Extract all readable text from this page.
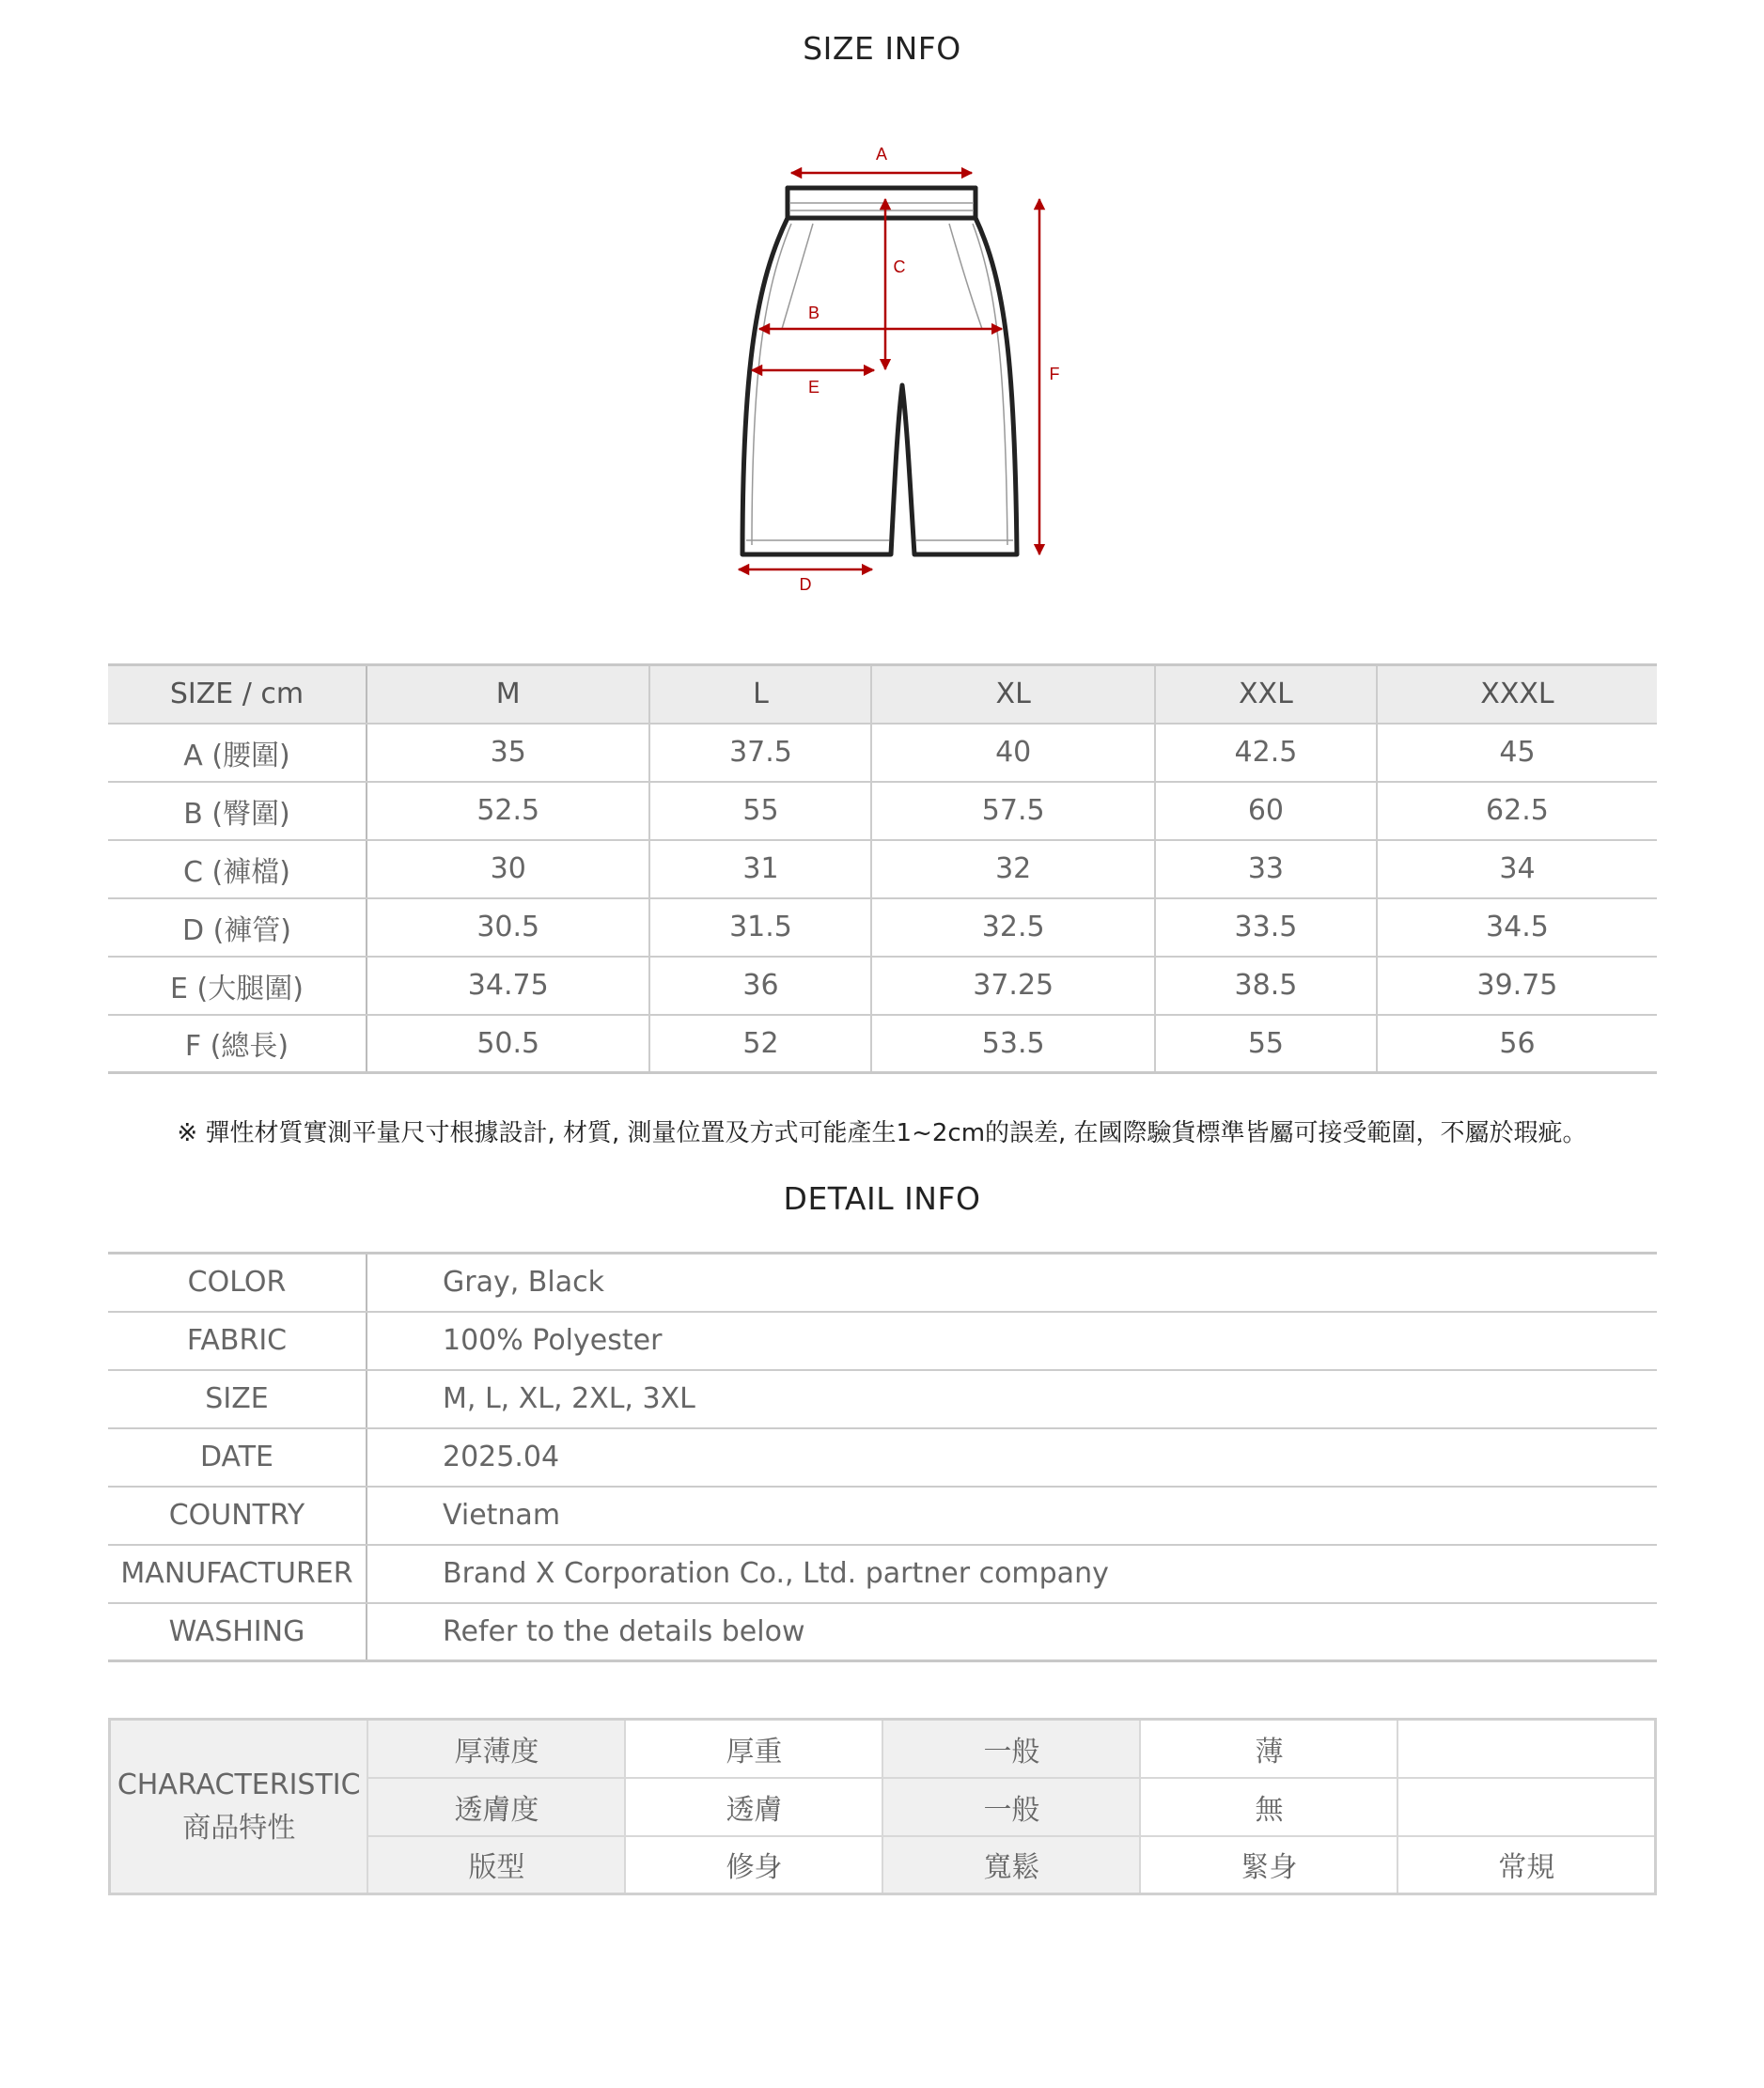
SIZE INFO
A
B
C
D
E
F
SIZE / cm	M	L	XL	XXL	XXXL
A (腰圍)	35	37.5	40	42.5	45
B (臀圍)	52.5	55	57.5	60	62.5
C (褲檔)	30	31	32	33	34
D (褲管)	30.5	31.5	32.5	33.5	34.5
E (大腿圍)	34.75	36	37.25	38.5	39.75
F (總長)	50.5	52	53.5	55	56
※ 彈性材質實測平量尺寸根據設計, 材質, 測量位置及方式可能產生1~2cm的誤差, 在國際驗貨標準皆屬可接受範圍，不屬於瑕疵。
DETAIL INFO
COLOR	Gray, Black
FABRIC	100% Polyester
SIZE	M, L, XL, 2XL, 3XL
DATE	2025.04
COUNTRY	Vietnam
MANUFACTURER	Brand X Corporation Co., Ltd. partner company
WASHING	Refer to the details below
CHARACTERISTIC
商品特性	厚薄度	厚重	一般	薄	
	透膚度	透膚	一般	無	
	版型	修身	寬鬆	緊身	常規
